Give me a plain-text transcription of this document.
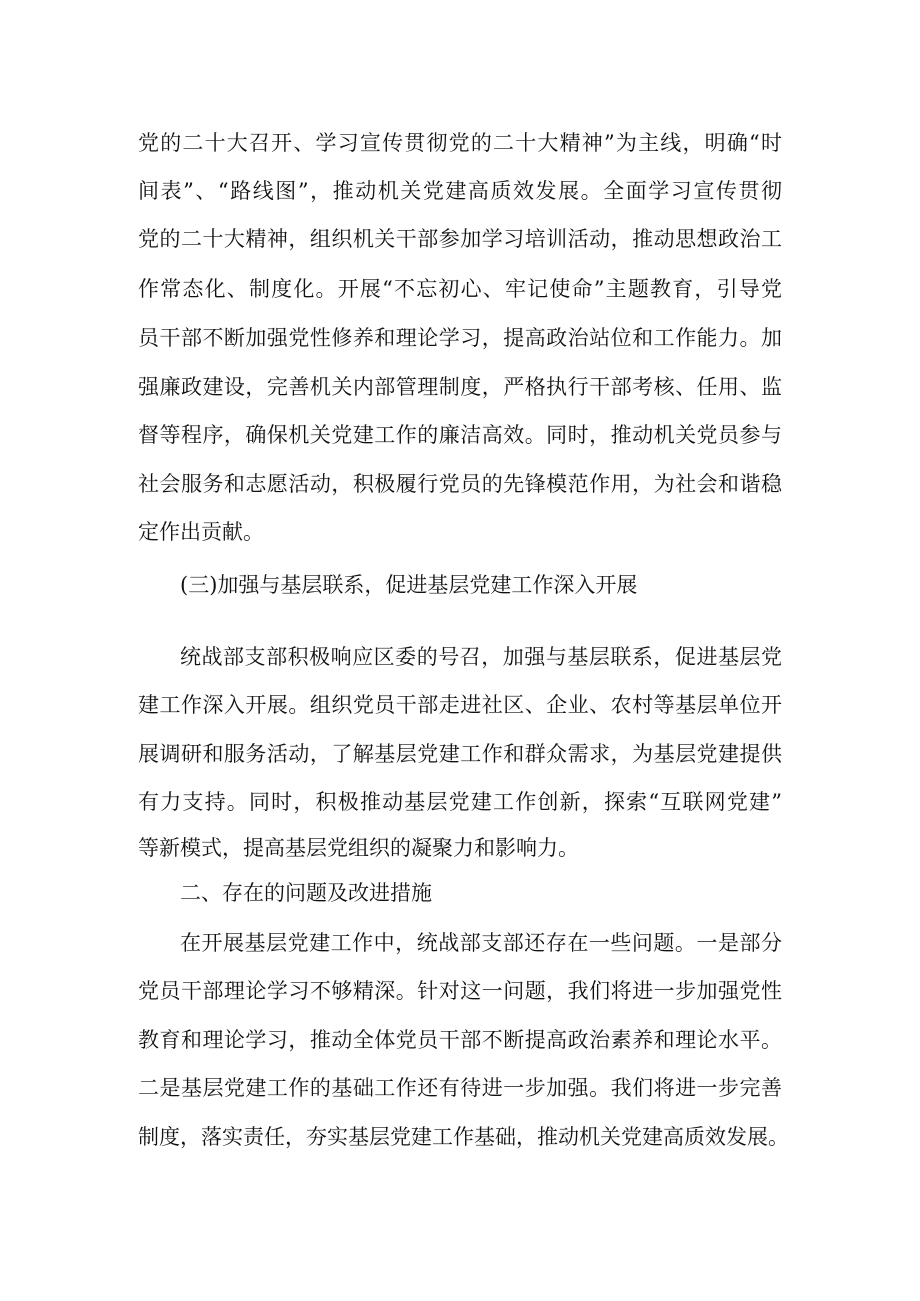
党的二十大召开、学习宣传贯彻党的二十大精神”为主线，明确“时

间表”、“路线图”，推动机关党建高质效发展。全面学习宣传贯彻

党的二十大精神，组织机关干部参加学习培训活动，推动思想政治工

作常态化、制度化。开展“不忘初心、牢记使命”主题教育，引导党

员干部不断加强党性修养和理论学习，提高政治站位和工作能力。加

强廉政建设，完善机关内部管理制度，严格执行干部考核、任用、监

督等程序，确保机关党建工作的廉洁高效。同时，推动机关党员参与

社会服务和志愿活动，积极履行党员的先锋模范作用，为社会和谐稳

定作出贡献。

(三)加强与基层联系，促进基层党建工作深入开展

统战部支部积极响应区委的号召，加强与基层联系，促进基层党

建工作深入开展。组织党员干部走进社区、企业、农村等基层单位开

展调研和服务活动，了解基层党建工作和群众需求，为基层党建提供

有力支持。同时，积极推动基层党建工作创新，探索“互联网党建”

等新模式，提高基层党组织的凝聚力和影响力。

二、存在的问题及改进措施

在开展基层党建工作中，统战部支部还存在一些问题。一是部分

党员干部理论学习不够精深。针对这一问题，我们将进一步加强党性

教育和理论学习，推动全体党员干部不断提高政治素养和理论水平。

二是基层党建工作的基础工作还有待进一步加强。我们将进一步完善

制度，落实责任，夯实基层党建工作基础，推动机关党建高质效发展。
